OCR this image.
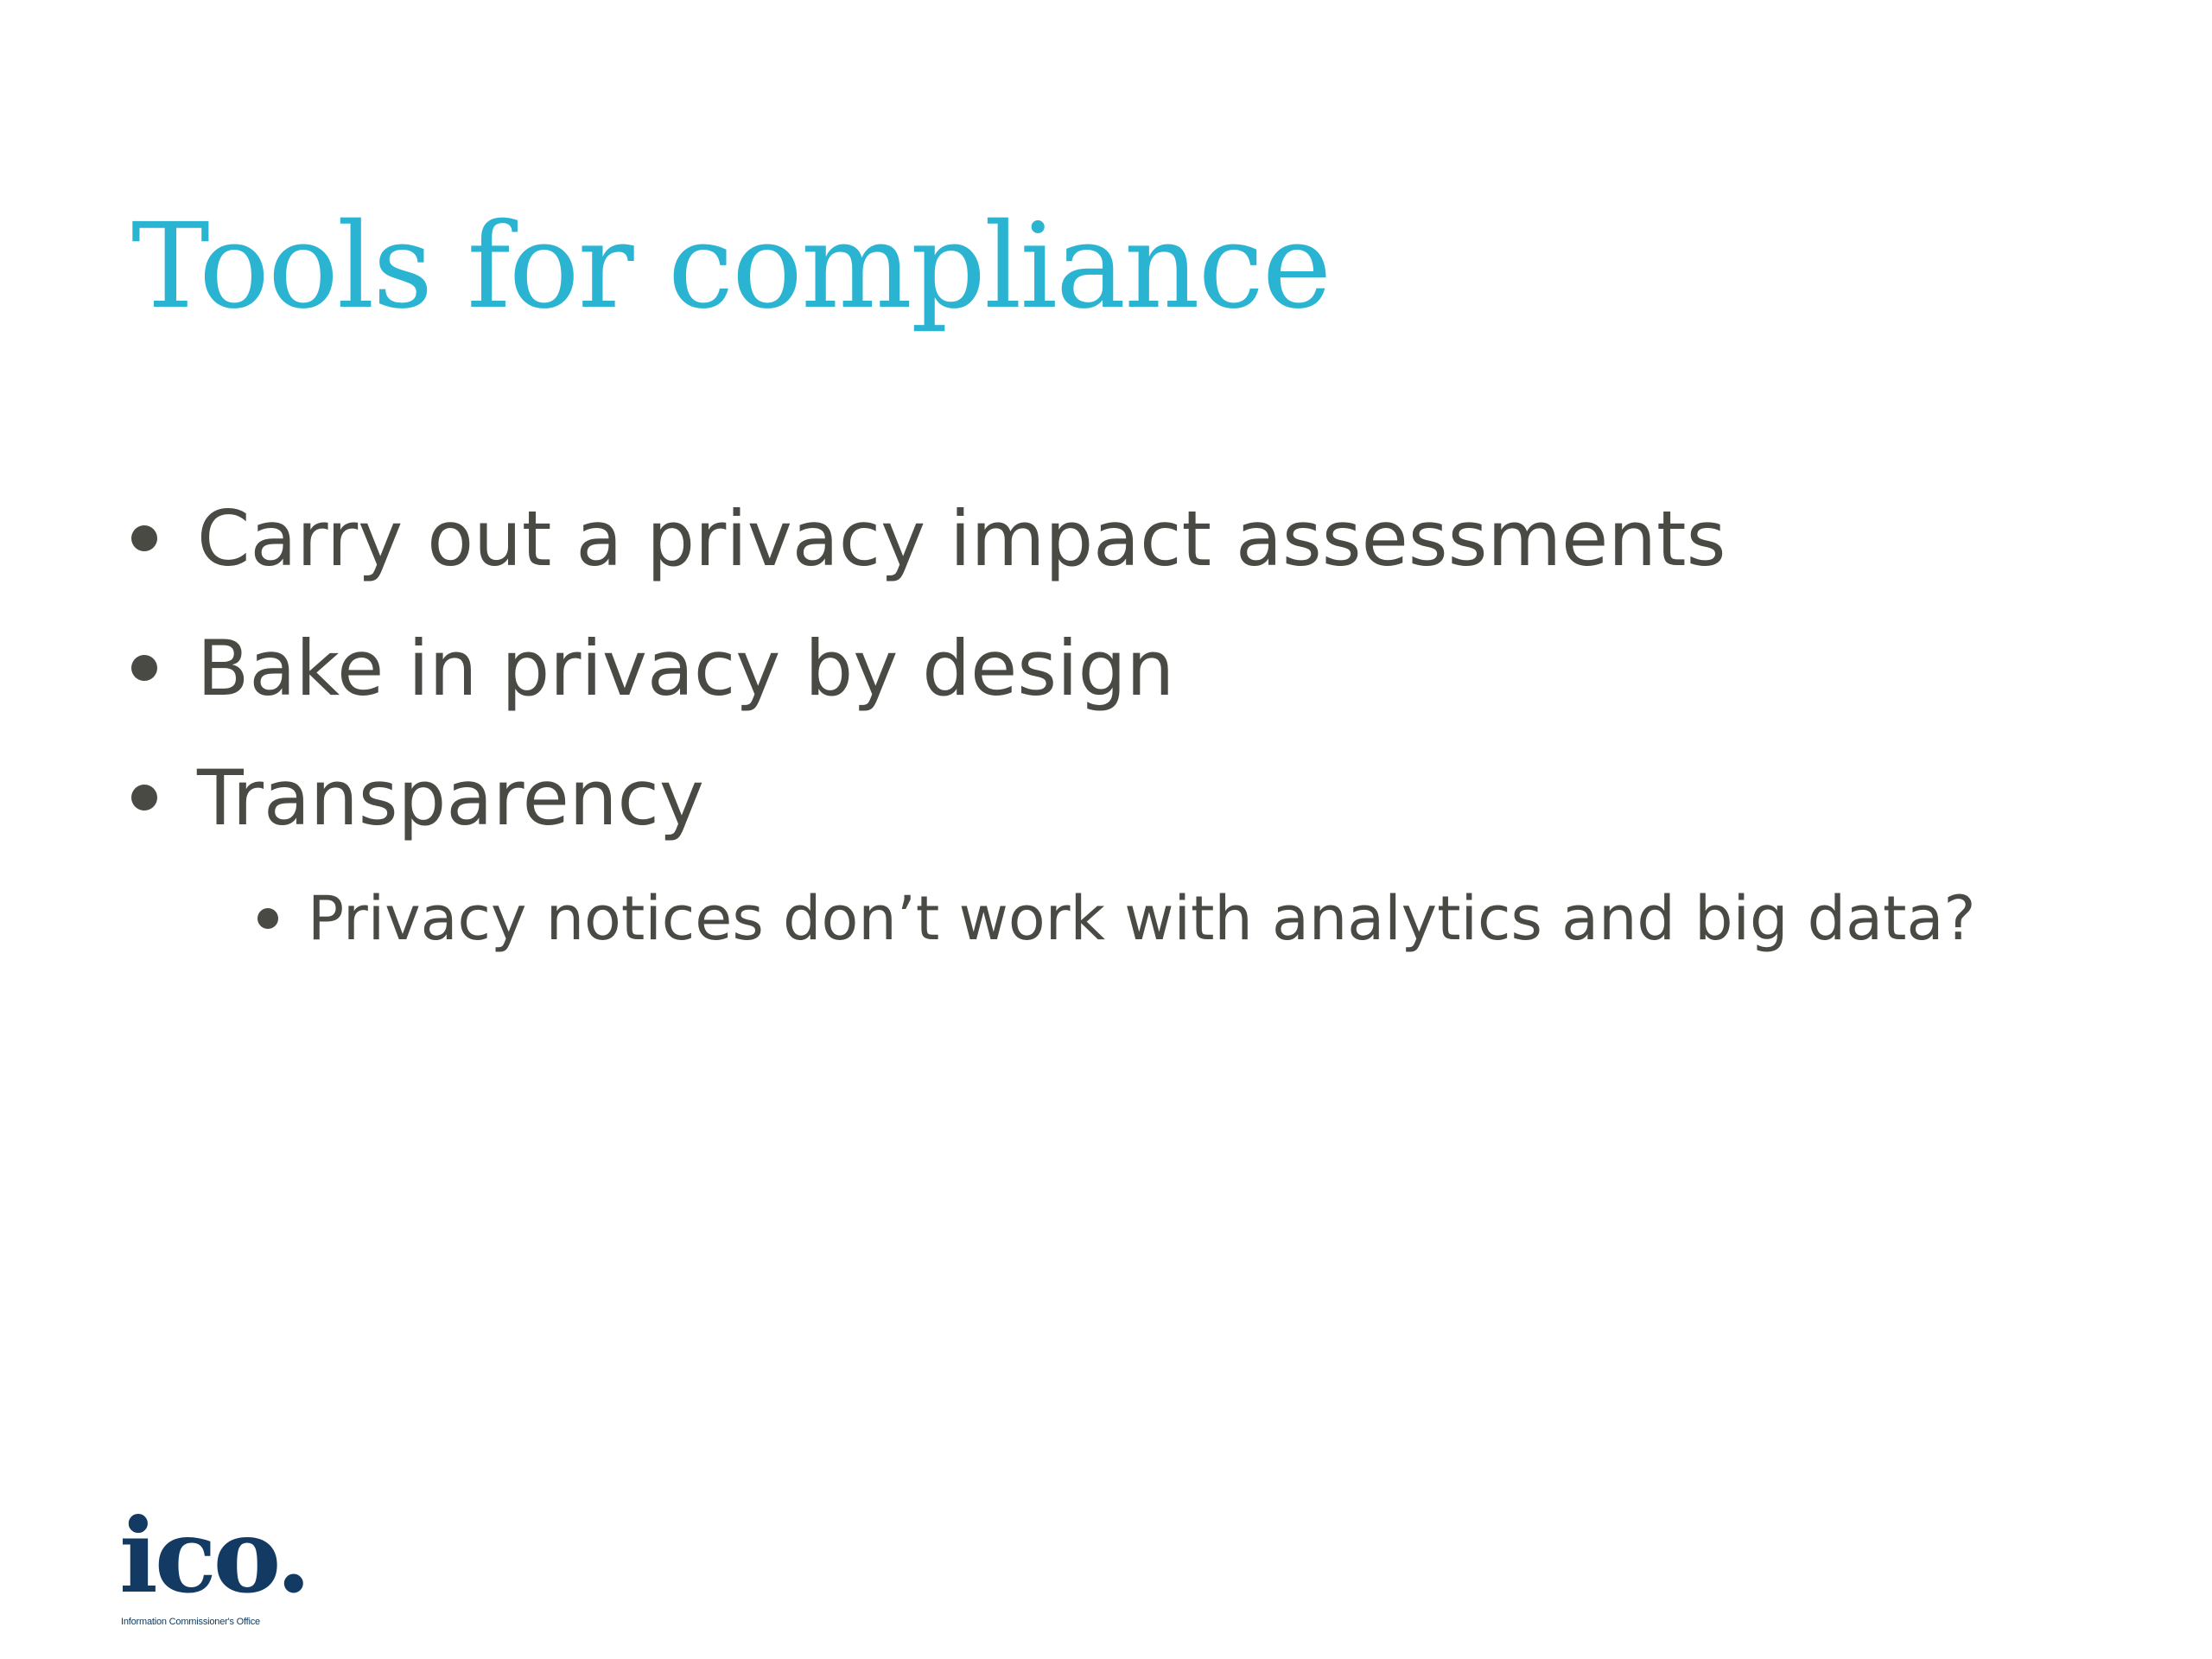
Tools for compliance
Carry out a privacy impact assessments
Bake in privacy by design
Transparency
Privacy notices don’t work with analytics and big data?
ico.
Information Commissioner's Office
